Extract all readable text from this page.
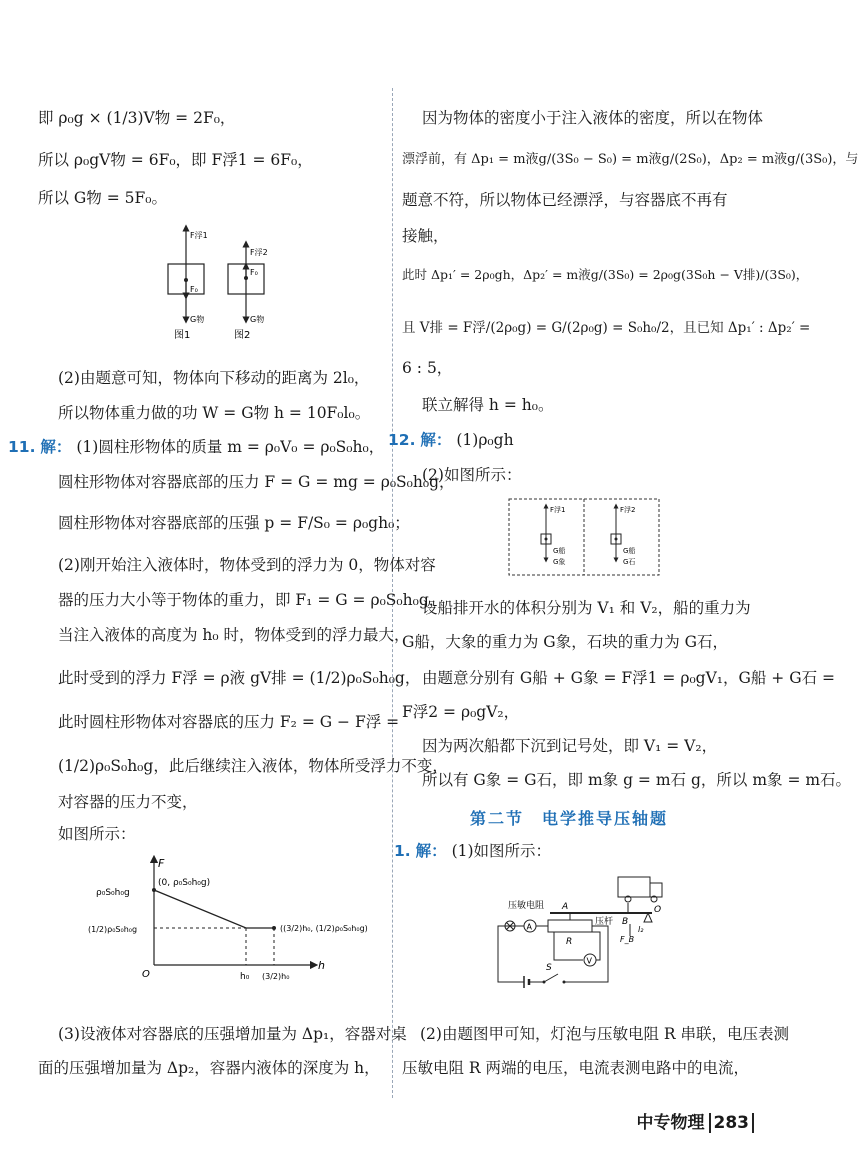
即 ρ₀g × (1/3)V物 = 2F₀，
所以 ρ₀gV物 = 6F₀，即 F浮1 = 6F₀，
所以 G物 = 5F₀。
F浮1
F₀
G物
图1
F浮2
F₀
G物
图2
(2)由题意可知，物体向下移动的距离为 2l₀，
所以物体重力做的功 W = G物 h = 10F₀l₀。
11. 解： (1)圆柱形物体的质量 m = ρ₀V₀ = ρ₀S₀h₀，
圆柱形物体对容器底部的压力 F = G = mg = ρ₀S₀h₀g，
圆柱形物体对容器底部的压强 p = F/S₀ = ρ₀gh₀；
(2)刚开始注入液体时，物体受到的浮力为 0，物体对容
器的压力大小等于物体的重力，即 F₁ = G = ρ₀S₀h₀g，
当注入液体的高度为 h₀ 时，物体受到的浮力最大，
此时受到的浮力 F浮 = ρ液 gV排 = (1/2)ρ₀S₀h₀g，
此时圆柱形物体对容器底的压力 F₂ = G − F浮 =
(1/2)ρ₀S₀h₀g，此后继续注入液体，物体所受浮力不变，
对容器的压力不变，
如图所示：
F
ρ₀S₀h₀g
(0, ρ₀S₀h₀g)
(1/2)ρ₀S₀h₀g	((3/2)h₀, (1/2)ρ₀S₀h₀g)
O	h₀ (3/2)h₀
h
(3)设液体对容器底的压强增加量为 Δp₁，容器对桌
面的压强增加量为 Δp₂，容器内液体的深度为 h，
因为物体的密度小于注入液体的密度，所以在物体
漂浮前，有 Δp₁ = m液g/(3S₀ − S₀) = m液g/(2S₀)，Δp₂ = m液g/(3S₀)，与
题意不符，所以物体已经漂浮，与容器底不再有
接触，
此时 Δp₁′ = 2ρ₀gh，Δp₂′ = m液g/(3S₀) = 2ρ₀g(3S₀h − V排)/(3S₀)，
且 V排 = F浮/(2ρ₀g) = G/(2ρ₀g) = S₀h₀/2，且已知 Δp₁′ : Δp₂′ =
6 : 5，
联立解得 h = h₀。
12. 解： (1)ρ₀gh
(2)如图所示：
F浮1
G船
G象
F浮2
G船
G石
设船排开水的体积分别为 V₁ 和 V₂，船的重力为
G船，大象的重力为 G象，石块的重力为 G石，
由题意分别有 G船 + G象 = F浮1 = ρ₀gV₁，G船 + G石 =
F浮2 = ρ₀gV₂，
因为两次船都下沉到记号处，即 V₁ = V₂，
所以有 G象 = G石，即 m象 g = m石 g，所以 m象 = m石。
第二节　电学推导压轴题
1. 解： (1)如图所示：
O
A
压敏电阻
压杆 B
l₂
F_B
R
A
V
S
(2)由题图甲可知，灯泡与压敏电阻 R 串联，电压表测
压敏电阻 R 两端的电压，电流表测电路中的电流，
中专物理 283
